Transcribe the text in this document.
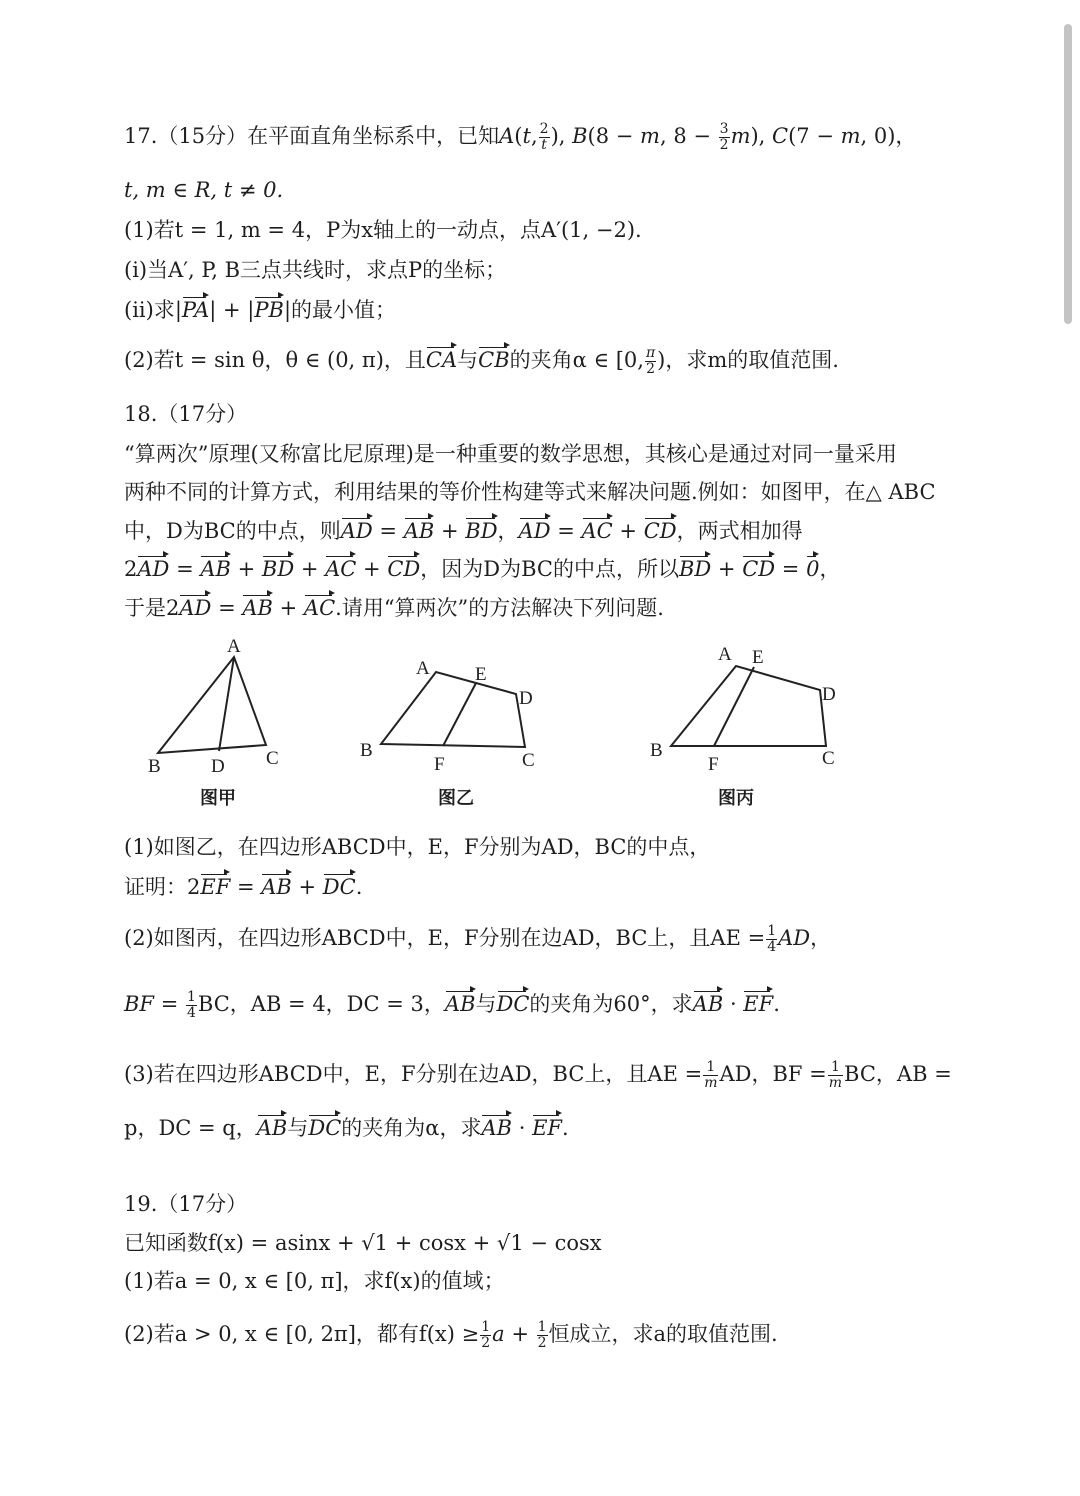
17.（15分）在平面直角坐标系中，已知A(t, $\frac{2}{t}$ ), B(8 − m, $8 - \frac{3}{2} m$), C(7 − m, 0)，
t, m ∈ R, t ≠ 0.
(1)若t = 1, m = 4，P为x轴上的一动点，点A′(1, −2).
(i)当A′, P, B三点共线时，求点P的坐标；
(ii)求|PA| + |PB|的最小值；
(2)若t = sin θ，θ ∈ (0, π)，且CA与CB的夹角α ∈ [0, $\frac{\pi}{2}$ )，求m的取值范围.
18.（17分）
“算两次”原理(又称富比尼原理)是一种重要的数学思想，其核心是通过对同一量采用
两种不同的计算方式，利用结果的等价性构建等式来解决问题.例如：如图甲，在△ ABC
中，D为BC的中点，则AD = AB + BD，AD = AC + CD，两式相加得
2AD = AB + BD + AC + CD，因为D为BC的中点，所以BD + CD = 0，
于是2AD = AB + AC.请用“算两次”的方法解决下列问题.
A
B	D C
A E
D
B
F	C
A E
D
B
F	C
图甲	图乙	图丙
(1)如图乙，在四边形ABCD中，E，F分别为AD，BC的中点，
证明：2EF = AB + DC.
(2)如图丙，在四边形ABCD中，E，F分别在边AD，BC上，且AE = $\frac{1}{4}$ AD，
BF = $\frac{1}{4}$ BC，AB = 4，DC = 3，AB与DC的夹角为60°，求AB · EF.
(3)若在四边形ABCD中，E，F分别在边AD，BC上，且AE = $\frac{1}{m}$ AD，BF = $\frac{1}{m}$ BC，AB =
p，DC = q，AB与DC的夹角为α，求AB · EF.
19.（17分）
已知函数f(x) = asinx + √1 + cosx + √1 − cosx
(1)若a = 0, x ∈ [0, π]，求f(x)的值域；
(2)若a > 0, x ∈ [0, 2π]，都有$f(x) \ge \frac{1}{2}$ $a + \frac{1}{2}$ 恒成立，求a的取值范围.
